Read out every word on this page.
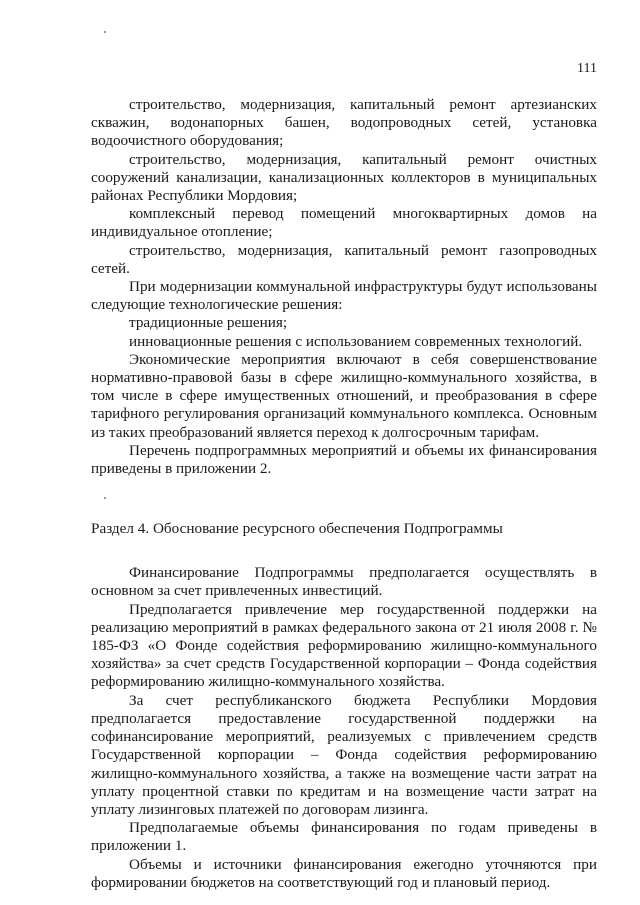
111

строительство, модернизация, капитальный ремонт артезианских скважин, водонапорных башен, водопроводных сетей, установка водоочистного оборудования;

строительство, модернизация, капитальный ремонт очистных сооружений канализации, канализационных коллекторов в муниципальных районах Республики Мордовия;

комплексный перевод помещений многоквартирных домов на индивидуальное отопление;

строительство, модернизация, капитальный ремонт газопроводных сетей.

При модернизации коммунальной инфраструктуры будут использованы следующие технологические решения:

традиционные решения;

инновационные решения с использованием современных технологий.

Экономические мероприятия включают в себя совершенствование нормативно-правовой базы в сфере жилищно-коммунального хозяйства, в том числе в сфере имущественных отношений, и преобразования в сфере тарифного регулирования организаций коммунального комплекса. Основным из таких преобразований является переход к долгосрочным тарифам.

Перечень подпрограммных мероприятий и объемы их финансирования приведены в приложении 2.

Раздел 4. Обоснование ресурсного обеспечения Подпрограммы

Финансирование Подпрограммы предполагается осуществлять в основном за счет привлеченных инвестиций.

Предполагается привлечение мер государственной поддержки на реализацию мероприятий в рамках федерального закона от 21 июля 2008 г. № 185-ФЗ «О Фонде содействия реформированию жилищно-коммунального хозяйства» за счет средств Государственной корпорации – Фонда содействия реформированию жилищно-коммунального хозяйства.

За счет республиканского бюджета Республики Мордовия предполагается предоставление государственной поддержки на софинансирование мероприятий, реализуемых с привлечением средств Государственной корпорации – Фонда содействия реформированию жилищно-коммунального хозяйства, а также на возмещение части затрат на уплату процентной ставки по кредитам и на возмещение части затрат на уплату лизинговых платежей по договорам лизинга.

Предполагаемые объемы финансирования по годам приведены в приложении 1.

Объемы и источники финансирования ежегодно уточняются при формировании бюджетов на соответствующий год и плановый период.
